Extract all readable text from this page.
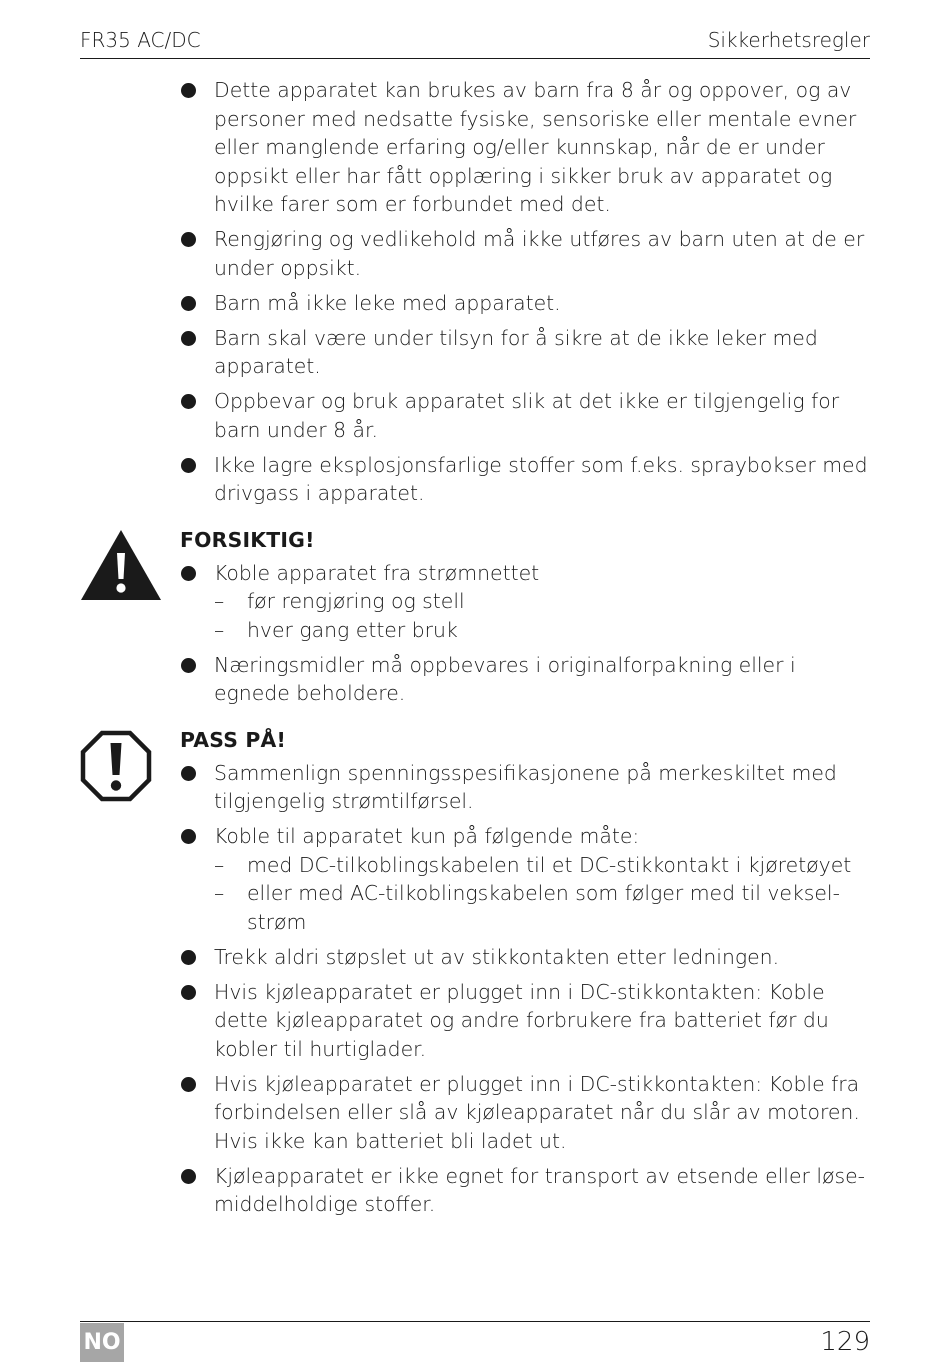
FR35 AC/DC	Sikkerhetsregler
Dette apparatet kan brukes av barn fra 8 år og oppover, og av personer med nedsatte fysiske, sensoriske eller mentale evner eller manglende erfaring og/eller kunnskap, når de er under oppsikt eller har fått opplæring i sikker bruk av apparatet og hvilke farer som er forbundet med det.
Rengjøring og vedlikehold må ikke utføres av barn uten at de er under oppsikt.
Barn må ikke leke med apparatet.
Barn skal være under tilsyn for å sikre at de ikke leker med apparatet.
Oppbevar og bruk apparatet slik at det ikke er tilgjengelig for barn under 8 år.
Ikke lagre eksplosjonsfarlige stoffer som f.eks. spraybokser med drivgass i apparatet.
FORSIKTIG!
Koble apparatet fra strømnettet
– før rengjøring og stell
– hver gang etter bruk
Næringsmidler må oppbevares i originalforpakning eller i egnede beholdere.
PASS PÅ!
Sammenlign spenningsspesifikasjonene på merkeskiltet med tilgjengelig strømtilførsel.
Koble til apparatet kun på følgende måte:
– med DC-tilkoblingskabelen til et DC-stikkontakt i kjøretøyet
– eller med AC-tilkoblingskabelen som følger med til vekselstrøm
Trekk aldri støpslet ut av stikkontakten etter ledningen.
Hvis kjøleapparatet er plugget inn i DC-stikkontakten: Koble dette kjøleapparatet og andre forbrukere fra batteriet før du kobler til hurtiglader.
Hvis kjøleapparatet er plugget inn i DC-stikkontakten: Koble fra forbindelsen eller slå av kjøleapparatet når du slår av motoren. Hvis ikke kan batteriet bli ladet ut.
Kjøleapparatet er ikke egnet for transport av etsende eller løsemiddelholdige stoffer.
NO	129
